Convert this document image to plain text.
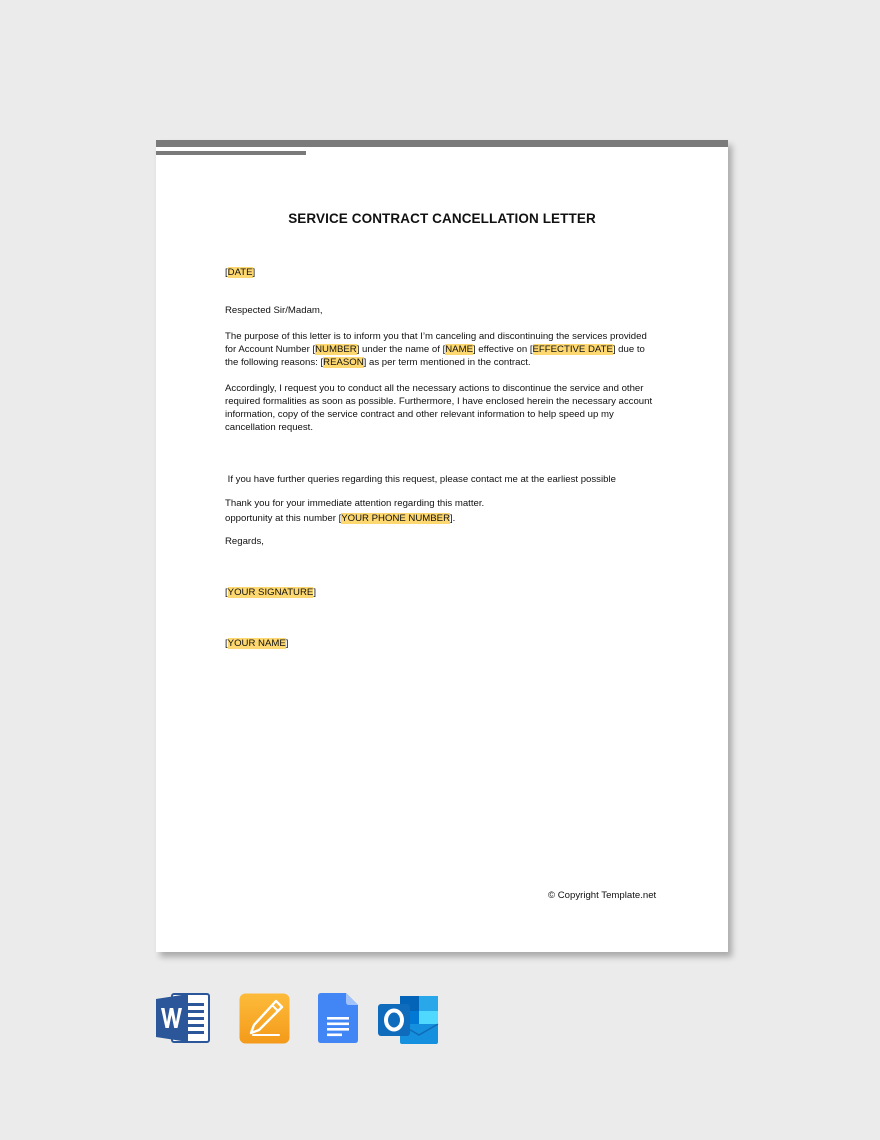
SERVICE CONTRACT CANCELLATION LETTER
[DATE]
Respected Sir/Madam,
The purpose of this letter is to inform you that I’m canceling and discontinuing the services provided
for Account Number [NUMBER] under the name of [NAME] effective on [EFFECTIVE DATE] due to
the following reasons: [REASON] as per term mentioned in the contract.
Accordingly, I request you to conduct all the necessary actions to discontinue the service and other
required formalities as soon as possible. Furthermore, I have enclosed herein the necessary account
information, copy of the service contract and other relevant information to help speed up my
cancellation request.

If you have further queries regarding this request, please contact me at the earliest possible

opportunity at this number [YOUR PHONE NUMBER].

Thank you for your immediate attention regarding this matter.
Regards,
[YOUR SIGNATURE]
[YOUR NAME]
© Copyright Template.net
